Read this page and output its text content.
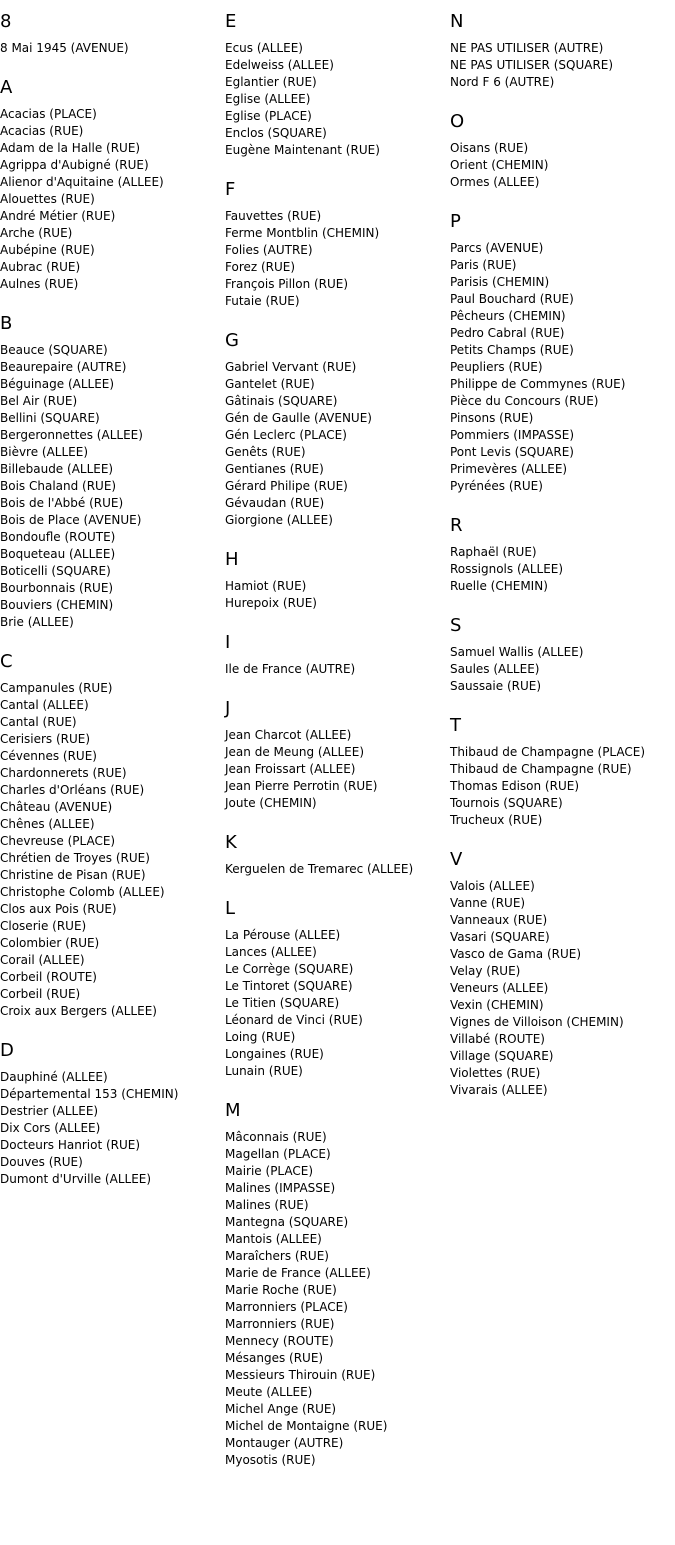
8
8 Mai 1945 (AVENUE)
A
Acacias (PLACE)
Acacias (RUE)
Adam de la Halle (RUE)
Agrippa d'Aubigné (RUE)
Alienor d'Aquitaine (ALLEE)
Alouettes (RUE)
André Métier (RUE)
Arche (RUE)
Aubépine (RUE)
Aubrac (RUE)
Aulnes (RUE)
B
Beauce (SQUARE)
Beaurepaire (AUTRE)
Béguinage (ALLEE)
Bel Air (RUE)
Bellini (SQUARE)
Bergeronnettes (ALLEE)
Bièvre (ALLEE)
Billebaude (ALLEE)
Bois Chaland (RUE)
Bois de l'Abbé (RUE)
Bois de Place (AVENUE)
Bondoufle (ROUTE)
Boqueteau (ALLEE)
Boticelli (SQUARE)
Bourbonnais (RUE)
Bouviers (CHEMIN)
Brie (ALLEE)
C
Campanules (RUE)
Cantal (ALLEE)
Cantal (RUE)
Cerisiers (RUE)
Cévennes (RUE)
Chardonnerets (RUE)
Charles d'Orléans (RUE)
Château (AVENUE)
Chênes (ALLEE)
Chevreuse (PLACE)
Chrétien de Troyes (RUE)
Christine de Pisan (RUE)
Christophe Colomb (ALLEE)
Clos aux Pois (RUE)
Closerie (RUE)
Colombier (RUE)
Corail (ALLEE)
Corbeil (ROUTE)
Corbeil (RUE)
Croix aux Bergers (ALLEE)
D
Dauphiné (ALLEE)
Départemental 153 (CHEMIN)
Destrier (ALLEE)
Dix Cors (ALLEE)
Docteurs Hanriot (RUE)
Douves (RUE)
Dumont d'Urville (ALLEE)
E
Ecus (ALLEE)
Edelweiss (ALLEE)
Eglantier (RUE)
Eglise (ALLEE)
Eglise (PLACE)
Enclos (SQUARE)
Eugène Maintenant (RUE)
F
Fauvettes (RUE)
Ferme Montblin (CHEMIN)
Folies (AUTRE)
Forez (RUE)
François Pillon (RUE)
Futaie (RUE)
G
Gabriel Vervant (RUE)
Gantelet (RUE)
Gâtinais (SQUARE)
Gén de Gaulle (AVENUE)
Gén Leclerc (PLACE)
Genêts (RUE)
Gentianes (RUE)
Gérard Philipe (RUE)
Gévaudan (RUE)
Giorgione (ALLEE)
H
Hamiot (RUE)
Hurepoix (RUE)
I
Ile de France (AUTRE)
J
Jean Charcot (ALLEE)
Jean de Meung (ALLEE)
Jean Froissart (ALLEE)
Jean Pierre Perrotin (RUE)
Joute (CHEMIN)
K
Kerguelen de Tremarec (ALLEE)
L
La Pérouse (ALLEE)
Lances (ALLEE)
Le Corrège (SQUARE)
Le Tintoret (SQUARE)
Le Titien (SQUARE)
Léonard de Vinci (RUE)
Loing (RUE)
Longaines (RUE)
Lunain (RUE)
M
Mâconnais (RUE)
Magellan (PLACE)
Mairie (PLACE)
Malines (IMPASSE)
Malines (RUE)
Mantegna (SQUARE)
Mantois (ALLEE)
Maraîchers (RUE)
Marie de France (ALLEE)
Marie Roche (RUE)
Marronniers (PLACE)
Marronniers (RUE)
Mennecy (ROUTE)
Mésanges (RUE)
Messieurs Thirouin (RUE)
Meute (ALLEE)
Michel Ange (RUE)
Michel de Montaigne (RUE)
Montauger (AUTRE)
Myosotis (RUE)
N
NE PAS UTILISER (AUTRE)
NE PAS UTILISER (SQUARE)
Nord F 6 (AUTRE)
O
Oisans (RUE)
Orient (CHEMIN)
Ormes (ALLEE)
P
Parcs (AVENUE)
Paris (RUE)
Parisis (CHEMIN)
Paul Bouchard (RUE)
Pêcheurs (CHEMIN)
Pedro Cabral (RUE)
Petits Champs (RUE)
Peupliers (RUE)
Philippe de Commynes (RUE)
Pièce du Concours (RUE)
Pinsons (RUE)
Pommiers (IMPASSE)
Pont Levis (SQUARE)
Primevères (ALLEE)
Pyrénées (RUE)
R
Raphaël (RUE)
Rossignols (ALLEE)
Ruelle (CHEMIN)
S
Samuel Wallis (ALLEE)
Saules (ALLEE)
Saussaie (RUE)
T
Thibaud de Champagne (PLACE)
Thibaud de Champagne (RUE)
Thomas Edison (RUE)
Tournois (SQUARE)
Trucheux (RUE)
V
Valois (ALLEE)
Vanne (RUE)
Vanneaux (RUE)
Vasari (SQUARE)
Vasco de Gama (RUE)
Velay (RUE)
Veneurs (ALLEE)
Vexin (CHEMIN)
Vignes de Villoison (CHEMIN)
Villabé (ROUTE)
Village (SQUARE)
Violettes (RUE)
Vivarais (ALLEE)
